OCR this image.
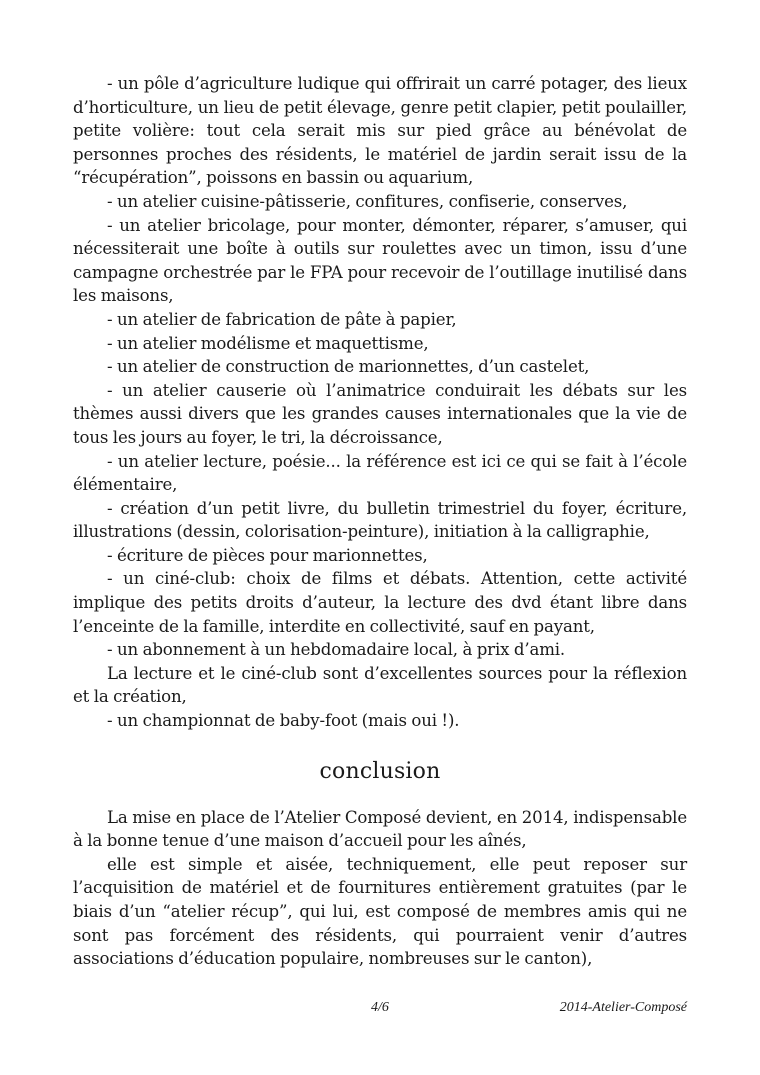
- un pôle d’agriculture ludique qui offrirait un carré potager, des lieux d’horticulture, un lieu de petit élevage, genre petit clapier, petit poulailler, petite volière: tout cela serait mis sur pied grâce au bénévolat de personnes proches des résidents, le matériel de jardin serait issu de la “récupération”, poissons en bassin ou aquarium,

- un atelier cuisine-pâtisserie, confitures, confiserie, conserves,

- un atelier bricolage, pour monter, démonter, réparer, s’amuser, qui nécessiterait une boîte à outils sur roulettes avec un timon, issu d’une campagne orchestrée par le FPA pour recevoir de l’outillage inutilisé dans les maisons,

- un atelier de fabrication de pâte à papier,

- un atelier modélisme et maquettisme,

- un atelier de construction de marionnettes, d’un castelet,

- un atelier causerie où l’animatrice conduirait les débats sur les thèmes aussi divers que les grandes causes internationales que la vie de tous les jours au foyer, le tri, la décroissance,

- un atelier lecture, poésie... la référence est ici ce qui se fait à l’école élémentaire,

- création d’un petit livre, du bulletin trimestriel du foyer, écriture, illustrations (dessin, colorisation-peinture), initiation à la calligraphie,

- écriture de pièces pour marionnettes,

- un ciné-club: choix de films et débats. Attention, cette activité implique des petits droits d’auteur, la lecture des dvd étant libre dans l’enceinte de la famille, interdite en collectivité, sauf en payant,

- un abonnement à un hebdomadaire local, à prix d’ami.

La lecture et le ciné-club sont d’excellentes sources pour la réflexion et la création,

- un championnat de baby-foot (mais oui !).

conclusion

La mise en place de l’Atelier Composé devient, en 2014, indispensable à la bonne tenue d’une maison d’accueil pour les aînés,

elle est simple et aisée, techniquement, elle peut reposer sur l’acquisition de matériel et de fournitures entièrement gratuites (par le biais d’un “atelier récup”, qui lui, est composé de membres amis qui ne sont pas forcément des résidents, qui pourraient venir d’autres associations d’éducation populaire, nombreuses sur le canton),

4/6	2014-Atelier-Composé
